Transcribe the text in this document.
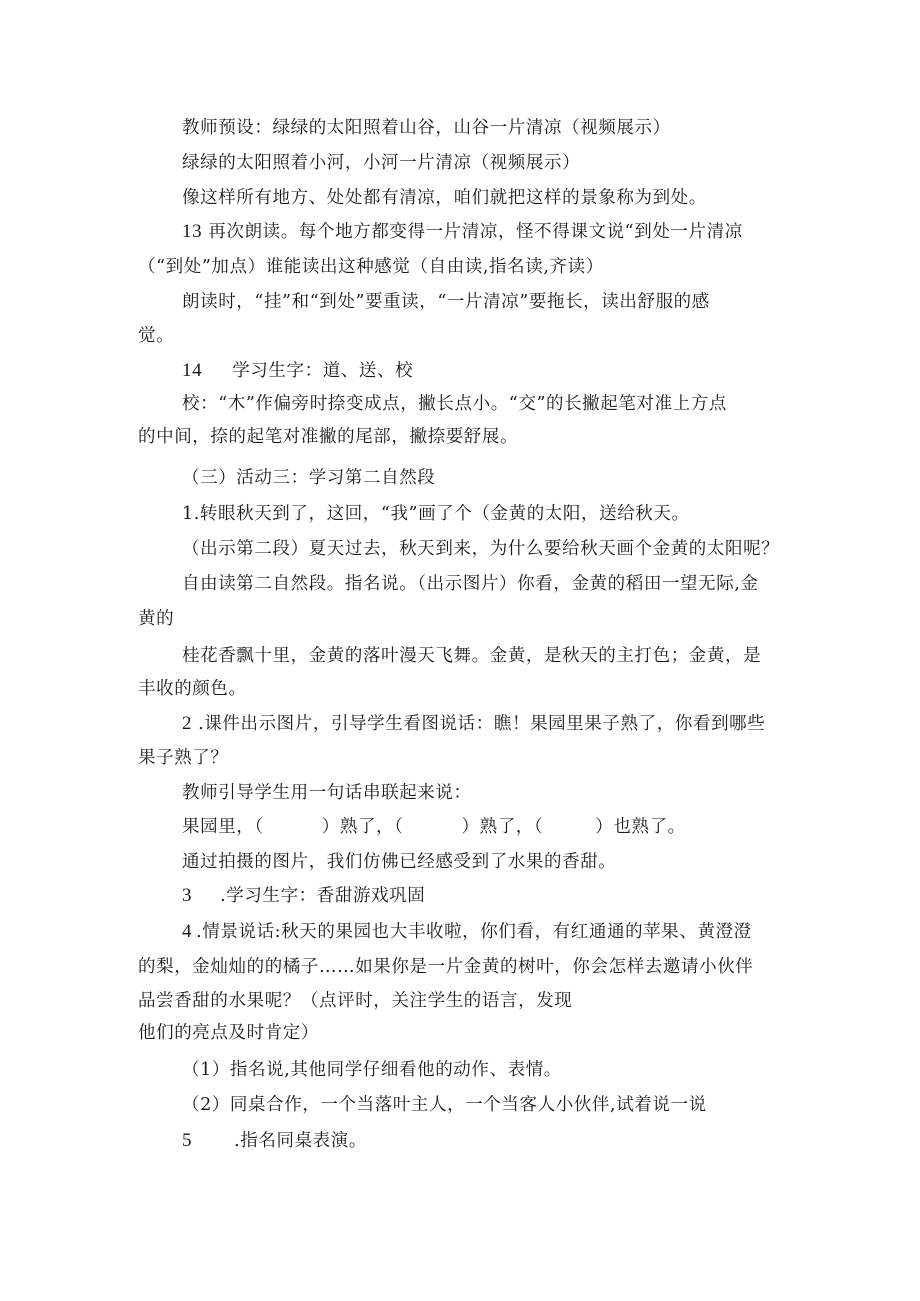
教师预设：绿绿的太阳照着山谷，山谷一片清凉（视频展示）
绿绿的太阳照着小河，小河一片清凉（视频展示）
像这样所有地方、处处都有清凉，咱们就把这样的景象称为到处。
13 再次朗读。每个地方都变得一片清凉，怪不得课文说“到处一片清凉
（“到处”加点）谁能读出这种感觉（自由读,指名读,齐读）
朗读时，“挂”和“到处”要重读，“一片清凉”要拖长，读出舒服的感
觉。
14 学习生字：道、送、校
校：“木”作偏旁时捺变成点，撇长点小。“交”的长撇起笔对准上方点
的中间，捺的起笔对准撇的尾部，撇捺要舒展。
（三）活动三：学习第二自然段
1.转眼秋天到了，这回，“我”画了个（金黄的太阳，送给秋天。
（出示第二段）夏天过去，秋天到来，为什么要给秋天画个金黄的太阳呢？
自由读第二自然段。指名说。（出示图片）你看，金黄的稻田一望无际,金
黄的
桂花香飘十里，金黄的落叶漫天飞舞。金黄，是秋天的主打色；金黄，是
丰收的颜色。
2 .课件出示图片，引导学生看图说话：瞧！果园里果子熟了，你看到哪些
果子熟了？
教师引导学生用一句话串联起来说：
果园里，（	）熟了，（	）熟了，（	）也熟了。
通过拍摄的图片，我们仿佛已经感受到了水果的香甜。
3 .学习生字：香甜游戏巩固
4 .情景说话:秋天的果园也大丰收啦，你们看，有红通通的苹果、黄澄澄
的梨，金灿灿的的橘子……如果你是一片金黄的树叶，你会怎样去邀请小伙伴
品尝香甜的水果呢？（点评时，关注学生的语言，发现
他们的亮点及时肯定）
（1）指名说,其他同学仔细看他的动作、表情。
（2）同桌合作，一个当落叶主人，一个当客人小伙伴,试着说一说
5 .指名同桌表演。
